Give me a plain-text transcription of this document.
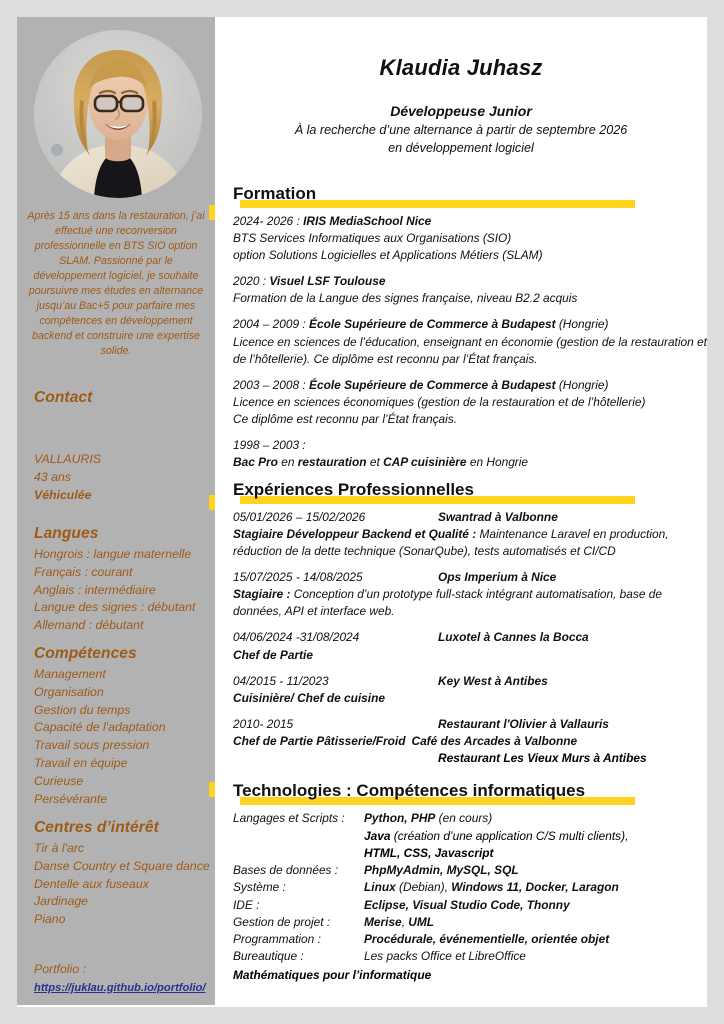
Après 15 ans dans la restauration, j’ai effectué une reconversion professionnelle en BTS SIO option SLAM. Passionné par le développement logiciel, je souhaite poursuivre mes études en alternance jusqu’au Bac+5 pour parfaire mes compétences en développement backend et construire une expertise solide.
Contact
VALLAURIS
43 ans
Véhiculée
Langues
Hongrois : langue maternelle
Français : courant
Anglais : intermédiaire
Langue des signes : débutant
Allemand : débutant
Compétences
Management
Organisation
Gestion du temps
Capacité de l'adaptation
Travail sous pression
Travail en équipe
Curieuse
Persévérante
Centres d’intérêt
Tir à l'arc
Danse Country et Square dance
Dentelle aux fuseaux
Jardinage
Piano
Portfolio :
https://juklau.github.io/portfolio/
Klaudia Juhasz
Développeuse Junior
À la recherche d’une alternance à partir de septembre 2026
en développement logiciel
Formation
2024- 2026 : IRIS MediaSchool Nice
BTS Services Informatiques aux Organisations (SIO)
option Solutions Logicielles et Applications Métiers (SLAM)
2020 : Visuel LSF Toulouse
Formation de la Langue des signes française, niveau B2.2 acquis
2004 – 2009 : École Supérieure de Commerce à Budapest (Hongrie)
Licence en sciences de l’éducation, enseignant en économie (gestion de la restauration et de l’hôtellerie). Ce diplôme est reconnu par l’État français.
2003 – 2008 : École Supérieure de Commerce à Budapest (Hongrie)
Licence en sciences économiques (gestion de la restauration et de l’hôtellerie)
Ce diplôme est reconnu par l’État français.
1998 – 2003 :
Bac Pro en restauration et CAP cuisinière en Hongrie
Expériences Professionnelles
05/01/2026 – 15/02/2026	Swantrad à Valbonne
Stagiaire Développeur Backend et Qualité : Maintenance Laravel en production, réduction de la dette technique (SonarQube), tests automatisés et CI/CD
15/07/2025 - 14/08/2025	Ops Imperium à Nice
Stagiaire : Conception d’un prototype full-stack intégrant automatisation, base de données, API et interface web.
04/06/2024 -31/08/2024	Luxotel à Cannes la Bocca
Chef de Partie
04/2015 - 11/2023	Key West à Antibes
Cuisinière/ Chef de cuisine
2010- 2015	Restaurant l'Olivier à Vallauris
Chef de Partie Pâtisserie/Froid Café des Arcades à Valbonne
Restaurant Les Vieux Murs à Antibes
Technologies : Compétences informatiques
Langages et Scripts :	Python, PHP (en cours)
Java (création d’une application C/S multi clients),
HTML, CSS, Javascript
Bases de données :	PhpMyAdmin, MySQL, SQL
Système :	Linux (Debian), Windows 11, Docker, Laragon
IDE :	Eclipse, Visual Studio Code, Thonny
Gestion de projet :	Merise, UML
Programmation :	Procédurale, événementielle, orientée objet
Bureautique :	Les packs Office et LibreOffice
Mathématiques pour l’informatique
